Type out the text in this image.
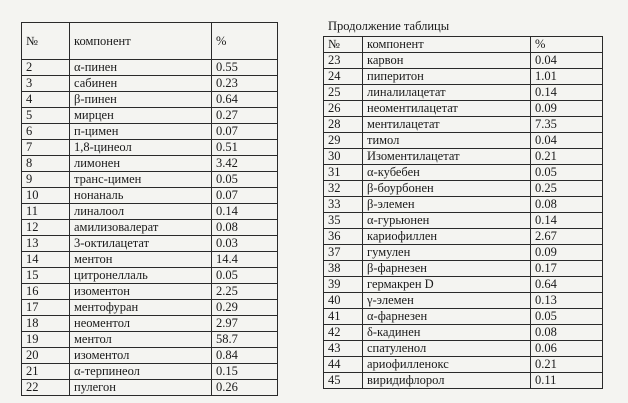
№	компонент	%
2	α-пинен	0.55
3	сабинен	0.23
4	β-пинен	0.64
5	мирцен	0.27
6	п-цимен	0.07
7	1,8-цинеол	0.51
8	лимонен	3.42
9	транс-цимен	0.05
10	нонаналь	0.07
11	линалоол	0.14
12	амилизовалерат	0.08
13	3-октилацетат	0.03
14	ментон	14.4
15	цитронеллаль	0.05
16	изоментон	2.25
17	ментофуран	0.29
18	неоментол	2.97
19	ментол	58.7
20	изоментол	0.84
21	α-терпинеол	0.15
22	пулегон	0.26
Продолжение таблицы
№	компонент	%
23	карвон	0.04
24	пиперитон	1.01
25	линалилацетат	0.14
26	неоментилацетат	0.09
28	ментилацетат	7.35
29	тимол	0.04
30	Изоментилацетат	0.21
31	α-кубебен	0.05
32	β-боурбонен	0.25
33	β-элемен	0.08
35	α-гурьюнен	0.14
36	кариофиллен	2.67
37	гумулен	0.09
38	β-фарнезен	0.17
39	гермакрен D	0.64
40	γ-элемен	0.13
41	α-фарнезен	0.05
42	δ-кадинен	0.08
43	спатуленол	0.06
44	ариофилленокс	0.21
45	виридифлорол	0.11
